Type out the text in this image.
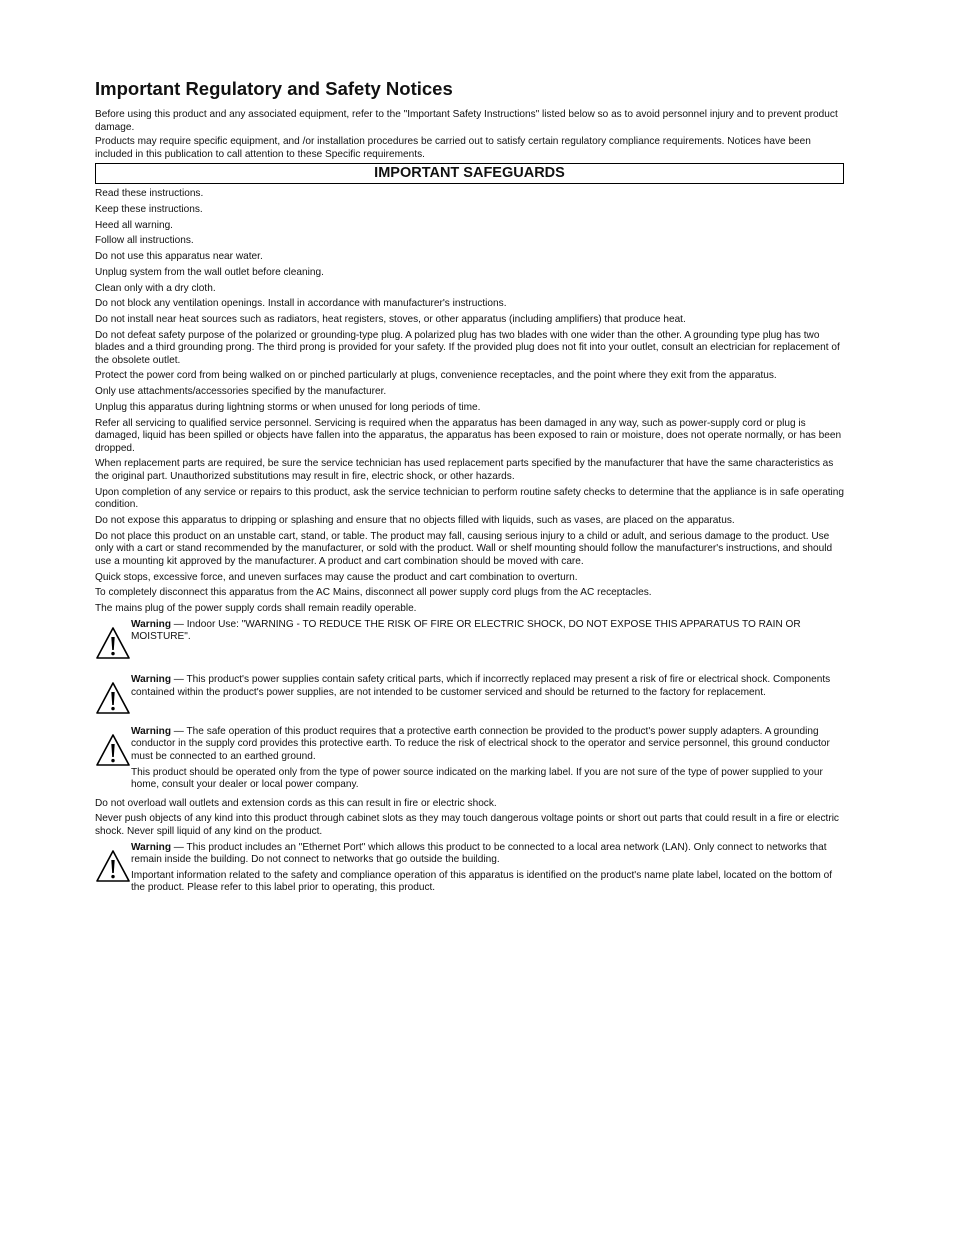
Important Regulatory and Safety Notices

Before using this product and any associated equipment, refer to the "Important Safety Instructions" listed below so as to avoid personnel injury and to prevent product damage.

Products may require specific equipment, and /or installation procedures be carried out to satisfy certain regulatory compliance requirements. Notices have been included in this publication to call attention to these Specific requirements.

IMPORTANT SAFEGUARDS
Read these instructions.
Keep these instructions.
Heed all warning.
Follow all instructions.
Do not use this apparatus near water.
Unplug system from the wall outlet before cleaning.
Clean only with a dry cloth.
Do not block any ventilation openings. Install in accordance with manufacturer's instructions.
Do not install near heat sources such as radiators, heat registers, stoves, or other apparatus (including amplifiers) that produce heat.
Do not defeat safety purpose of the polarized or grounding-type plug. A polarized plug has two blades with one wider than the other. A grounding type plug has two blades and a third grounding prong. The third prong is provided for your safety. If the provided plug does not fit into your outlet, consult an electrician for replacement of the obsolete outlet.
Protect the power cord from being walked on or pinched particularly at plugs, convenience receptacles, and the point where they exit from the apparatus.
Only use attachments/accessories specified by the manufacturer.
Unplug this apparatus during lightning storms or when unused for long periods of time.
Refer all servicing to qualified service personnel. Servicing is required when the apparatus has been damaged in any way, such as power-supply cord or plug is damaged, liquid has been spilled or objects have fallen into the apparatus, the apparatus has been exposed to rain or moisture, does not operate normally, or has been dropped.
When replacement parts are required, be sure the service technician has used replacement parts specified by the manufacturer that have the same characteristics as the original part. Unauthorized substitutions may result in fire, electric shock, or other hazards.
Upon completion of any service or repairs to this product, ask the service technician to perform routine safety checks to determine that the appliance is in safe operating condition.
Do not expose this apparatus to dripping or splashing and ensure that no objects filled with liquids, such as vases, are placed on the apparatus.
Do not place this product on an unstable cart, stand, or table. The product may fall, causing serious injury to a child or adult, and serious damage to the product. Use only with a cart or stand recommended by the manufacturer, or sold with the product. Wall or shelf mounting should follow the manufacturer's instructions, and should use a mounting kit approved by the manufacturer. A product and cart combination should be moved with care.
Quick stops, excessive force, and uneven surfaces may cause the product and cart combination to overturn.
To completely disconnect this apparatus from the AC Mains, disconnect all power supply cord plugs from the AC receptacles.
The mains plug of the power supply cords shall remain readily operable.

Warning — Indoor Use: "WARNING - TO REDUCE THE RISK OF FIRE OR ELECTRIC SHOCK, DO NOT EXPOSE THIS APPARATUS TO RAIN OR MOISTURE".

Warning — This product's power supplies contain safety critical parts, which if incorrectly replaced may present a risk of fire or electrical shock. Components contained within the product's power supplies, are not intended to be customer serviced and should be returned to the factory for replacement.

Warning — The safe operation of this product requires that a protective earth connection be provided to the product's power supply adapters. A grounding conductor in the supply cord provides this protective earth. To reduce the risk of electrical shock to the operator and service personnel, this ground conductor must be connected to an earthed ground.

This product should be operated only from the type of power source indicated on the marking label. If you are not sure of the type of power supplied to your home, consult your dealer or local power company.

Do not overload wall outlets and extension cords as this can result in fire or electric shock.
Never push objects of any kind into this product through cabinet slots as they may touch dangerous voltage points or short out parts that could result in a fire or electric shock. Never spill liquid of any kind on the product.

Warning — This product includes an "Ethernet Port" which allows this product to be connected to a local area network (LAN). Only connect to networks that remain inside the building. Do not connect to networks that go outside the building.

Important information related to the safety and compliance operation of this apparatus is identified on the product's name plate label, located on the bottom of the product. Please refer to this label prior to operating, this product.
